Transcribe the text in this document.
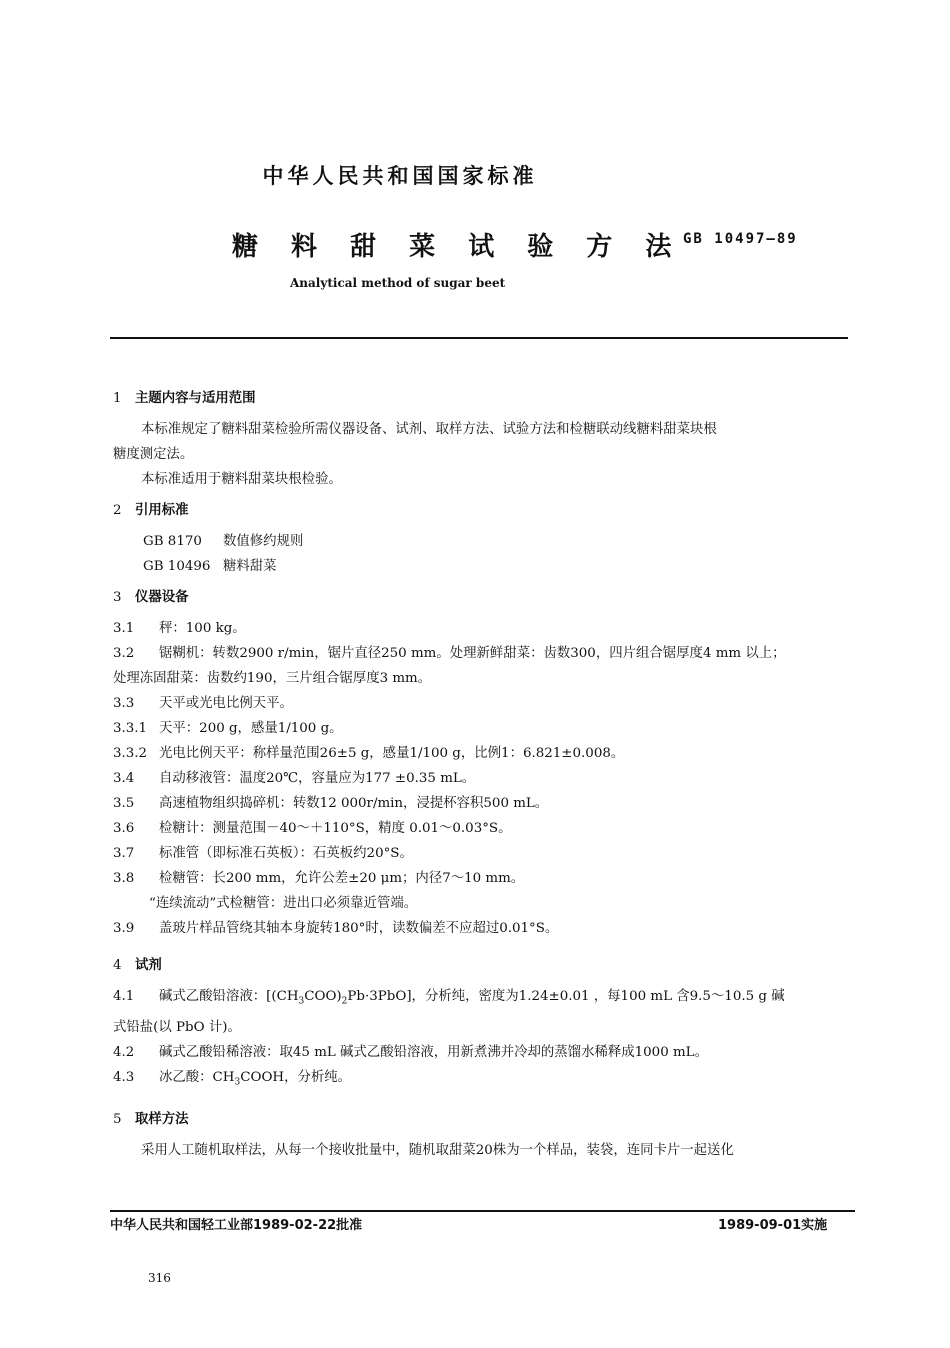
中华人民共和国国家标准
糖 料 甜 菜 试 验 方 法 GB 10497—89
Analytical method of sugar beet
1 主题内容与适用范围
本标准规定了糖料甜菜检验所需仪器设备、试剂、取样方法、试验方法和检糖联动线糖料甜菜块根
糖度测定法。
本标准适用于糖料甜菜块根检验。
2 引用标准
GB 8170 数值修约规则
GB 10496 糖料甜菜
3 仪器设备
3.1 秤：100 kg。
3.2 锯糊机：转数2900 r/min，锯片直径250 mm。处理新鲜甜菜：齿数300，四片组合锯厚度4 mm 以上；
处理冻固甜菜：齿数约190，三片组合锯厚度3 mm。
3.3 天平或光电比例天平。
3.3.1 天平：200 g，感量1/100 g。
3.3.2 光电比例天平：称样量范围26±5 g，感量1/100 g，比例1：6.821±0.008。
3.4 自动移液管：温度20℃，容量应为177 ±0.35 mL。
3.5 高速植物组织捣碎机：转数12 000r/min，浸提杯容积500 mL。
3.6 检糖计：测量范围－40～＋110°S，精度 0.01～0.03°S。
3.7 标准管（即标准石英板）：石英板约20°S。
3.8 检糖管：长200 mm，允许公差±20 μm；内径7～10 mm。
“连续流动”式检糖管：进出口必须靠近管端。
3.9 盖玻片样品管绕其轴本身旋转180°时，读数偏差不应超过0.01°S。
4 试剂
4.1 碱式乙酸铅溶液：$[(CH_3COO)_2Pb\cdot 3PbO]$，分析纯，密度为1.24±0.01 ，每100 mL 含9.5～10.5 g 碱
式铅盐(以 PbO 计)。
4.2 碱式乙酸铅稀溶液：取45 mL 碱式乙酸铅溶液，用新煮沸并冷却的蒸馏水稀释成1000 mL。
4.3 冰乙酸：$CH_3COOH$，分析纯。
5 取样方法
采用人工随机取样法，从每一个接收批量中，随机取甜菜20株为一个样品，装袋，连同卡片一起送化
中华人民共和国轻工业部1989-02-22批准	1989-09-01实施
316
